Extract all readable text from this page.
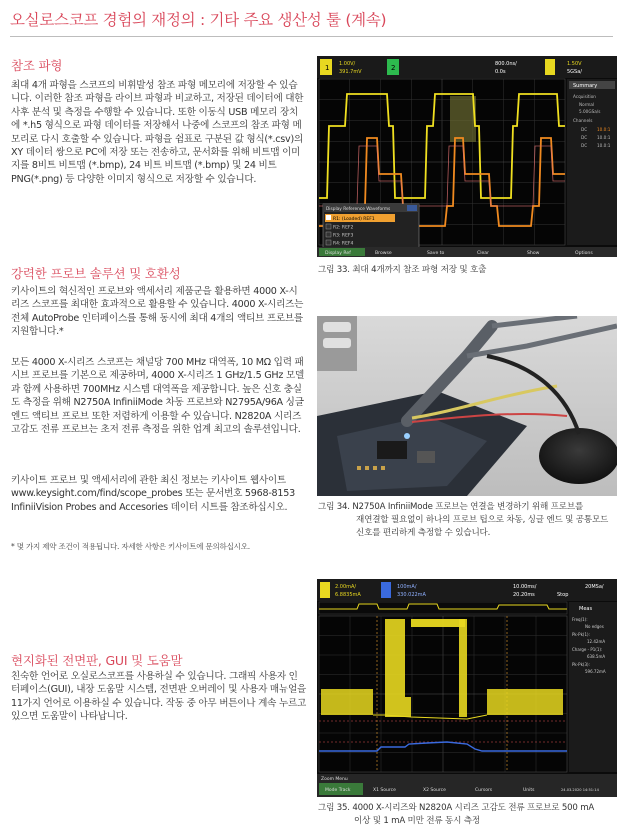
오실로스코프 경험의 재정의 : 기타 주요 생산성 툴 (계속)
참조 파형

최대 4개 파형을 스코프의 비휘발성 참조 파형 메모리에 저장할 수 있습니다. 이러한 참조 파형을 라이브 파형과 비교하고, 저장된 데이터에 대한 사후 분석 및 측정을 수행할 수 있습니다. 또한 이동식 USB 메모리 장치에 *.h5 형식으로 파형 데이터를 저장해서 나중에 스코프의 참조 파형 메모리로 다시 호출할 수 있습니다. 파형을 쉼표로 구분된 값 형식(*.csv)의 XY 데이터 쌍으로 PC에 저장 또는 전송하고, 문서화를 위해 비트맵 이미지를 8비트 비트맵 (*.bmp), 24 비트 비트맵 (*.bmp) 및 24 비트 PNG(*.png) 등 다양한 이미지 형식으로 저장할 수 있습니다.

강력한 프로브 솔루션 및 호환성

키사이트의 혁신적인 프로브와 액세서리 제품군을 활용하면 4000 X-시리즈 스코프를 최대한 효과적으로 활용할 수 있습니다. 4000 X-시리즈는 전체 AutoProbe 인터페이스를 통해 동시에 최대 4개의 액티브 프로브를 지원합니다.*

모든 4000 X-시리즈 스코프는 채널당 700 MHz 대역폭, 10 MΩ 입력 패시브 프로브를 기본으로 제공하며, 4000 X-시리즈 1 GHz/1.5 GHz 모델과 함께 사용하면 700MHz 시스템 대역폭을 제공합니다. 높은 신호 충실도 측정을 위해 N2750A InfiniiMode 차동 프로브와 N2795A/96A 싱글 엔드 액티브 프로브 또한 저렴하게 이용할 수 있습니다. N2820A 시리즈 고감도 전류 프로브는 초저 전류 측정을 위한 업계 최고의 솔루션입니다.

키사이트 프로브 및 액세서리에 관한 최신 정보는 키사이트 웹사이트 www.keysight.com/find/scope_probes 또는 문서번호 5968-8153 InfiniiVision Probes and Accesories 데이터 시트를 참조하십시오.

* 몇 가지 제약 조건이 적용됩니다. 자세한 사항은 키사이트에 문의하십시오.
현지화된 전면판, GUI 및 도움말

친숙한 언어로 오실로스코프를 사용하실 수 있습니다. 그래픽 사용자 인터페이스(GUI), 내장 도움말 시스템, 전면판 오버레이 및 사용자 매뉴얼을 11가지 언어로 이용하실 수 있습니다. 작동 중 아무 버튼이나 계속 누르고 있으면 도움말이 나타납니다.

1 1.00V/
391.7mV	2	800.0ns/
0.0s
1.50V
5GSa/
Summary
Acquisition
Normal
5.00GSa/s
Channels
DC 10.0:1
DC 10.0:1
DC 10.0:1
Display Reference Waveforms
R1: (Loaded) REF1
R2: REF2
R3: REF3
R4: REF4
Display Ref	Browse	Save to	Clear	Show	Options
그림 33. 최대 4개까지 참조 파형 저장 및 호출
그림 34. N2750A InfiniiMode 프로브는 연결을 변경하기 위해 프로브를
재연결할 필요없이 하나의 프로브 팁으로 차동, 싱글 엔드 및 공통모드
신호를 편리하게 측정할 수 있습니다.
2.00mA/
6.8835mA
100mA/
330.022mA
10.00ms/
20.20ms	Stop
20MSa/
Meas
Freq(1):
No edges
Pk-Pk(1):
12.42mA
Charge - P1(1):
638.5mA
Pk-Pk(3):
596.72mA
Zoom Menu
Mode Track	X1 Source	X2 Source	Cursors	Units	24.03.2020 14:51:14
그림 35. 4000 X-시리즈와 N2820A 시리즈 고감도 전류 프로브로 500 mA
이상 및 1 mA 미만 전류 동시 측정
